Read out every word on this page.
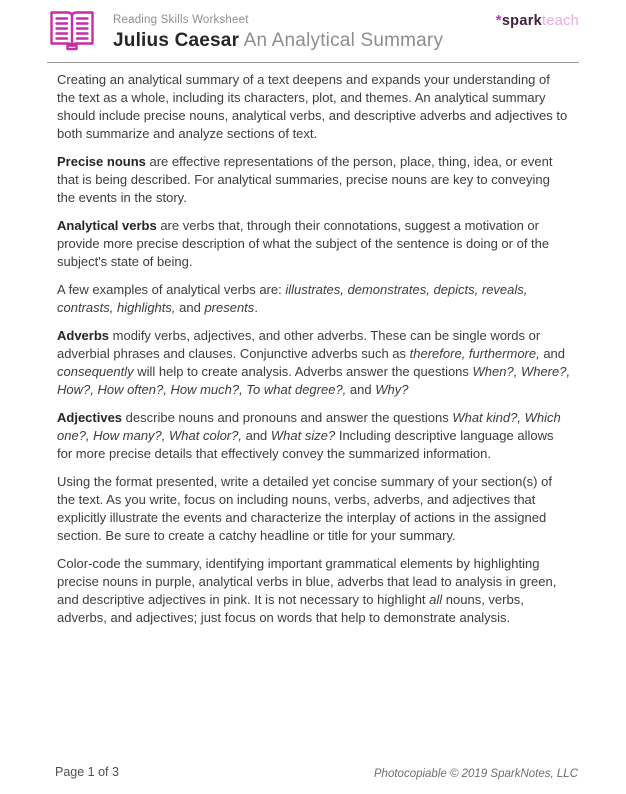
Reading Skills Worksheet
Julius Caesar An Analytical Summary
*sparkteach

Creating an analytical summary of a text deepens and expands your understanding of the text as a whole, including its characters, plot, and themes. An analytical summary should include precise nouns, analytical verbs, and descriptive adverbs and adjectives to both summarize and analyze sections of text.

Precise nouns are effective representations of the person, place, thing, idea, or event that is being described. For analytical summaries, precise nouns are key to conveying the events in the story.

Analytical verbs are verbs that, through their connotations, suggest a motivation or provide more precise description of what the subject of the sentence is doing or of the subject's state of being.

A few examples of analytical verbs are: illustrates, demonstrates, depicts, reveals, contrasts, highlights, and presents.

Adverbs modify verbs, adjectives, and other adverbs. These can be single words or adverbial phrases and clauses. Conjunctive adverbs such as therefore, furthermore, and consequently will help to create analysis. Adverbs answer the questions When?, Where?, How?, How often?, How much?, To what degree?, and Why?

Adjectives describe nouns and pronouns and answer the questions What kind?, Which one?, How many?, What color?, and What size? Including descriptive language allows for more precise details that effectively convey the summarized information.

Using the format presented, write a detailed yet concise summary of your section(s) of the text. As you write, focus on including nouns, verbs, adverbs, and adjectives that explicitly illustrate the events and characterize the interplay of actions in the assigned section. Be sure to create a catchy headline or title for your summary.

Color-code the summary, identifying important grammatical elements by highlighting precise nouns in purple, analytical verbs in blue, adverbs that lead to analysis in green, and descriptive adjectives in pink. It is not necessary to highlight all nouns, verbs, adverbs, and adjectives; just focus on words that help to demonstrate analysis.

Page 1 of 3	Photocopiable © 2019 SparkNotes, LLC
